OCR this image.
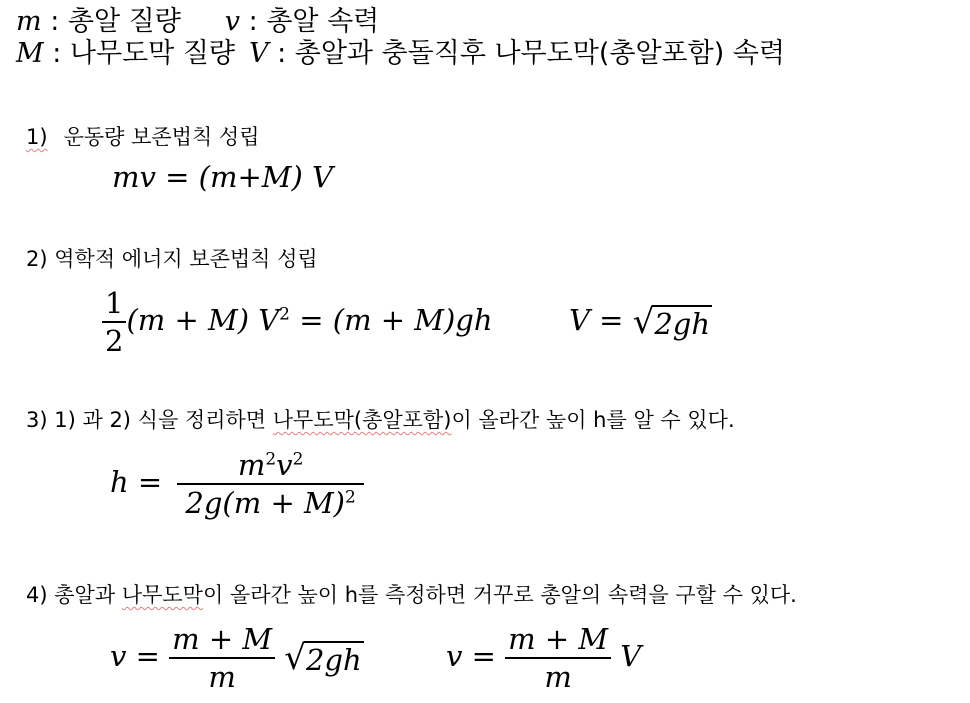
m : 총알 질량 v : 총알 속력
M : 나무도막 질량 V : 총알과 충돌직후 나무도막(총알포함) 속력
1) 운동량 보존법칙 성립
mv = (m+M) V
2) 역학적 에너지 보존법칙 성립
$\frac{1}{2} (m + M) V^2 = (m + M)gh$	V = √ 2gh
3) 1) 과 2) 식을 정리하면 나무도막(총알포함)이 올라간 높이 h를 알 수 있다.
$h = \frac{m^2v^2}{2g(m + M)^2}$
4) 총알과 나무도막이 올라간 높이 h를 측정하면 거꾸로 총알의 속력을 구할 수 있다.
$v = \frac{m + M}{m}$
√ 2gh	$v = \frac{m + M}{m}$ V
